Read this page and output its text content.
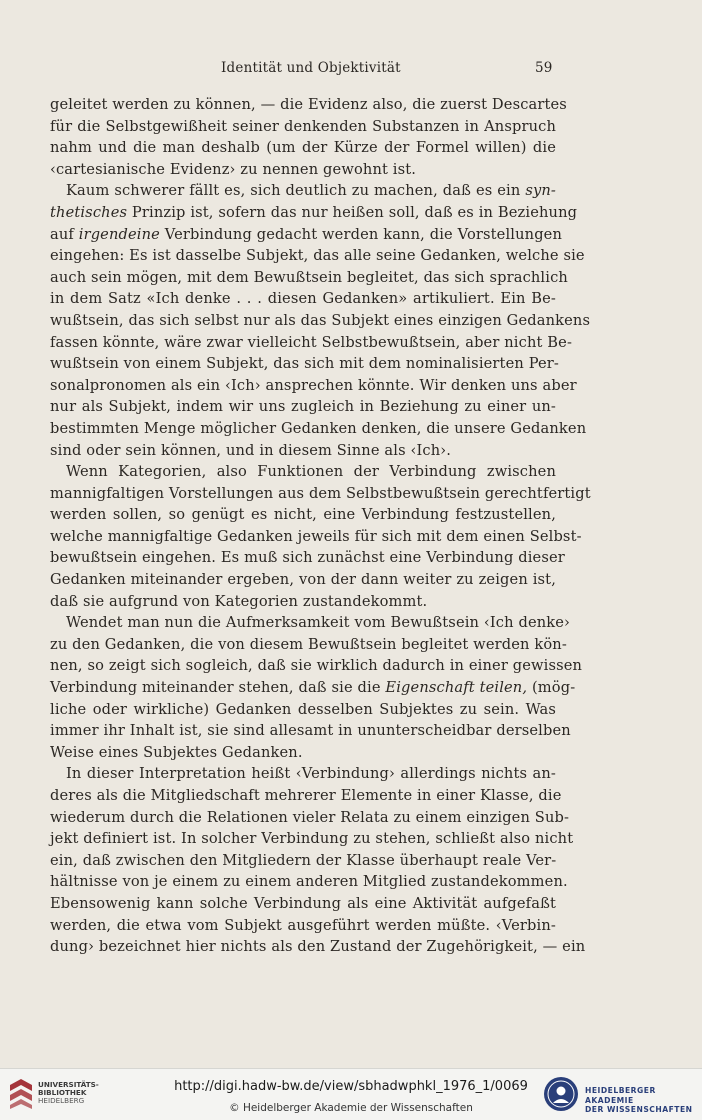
Identität und Objektivität	59
geleitet werden zu können, — die Evidenz also, die zuerst Descartes
für die Selbstgewißheit seiner denkenden Substanzen in Anspruch
nahm und die man deshalb (um der Kürze der Formel willen) die
‹cartesianische Evidenz› zu nennen gewohnt ist.
Kaum schwerer fällt es, sich deutlich zu machen, daß es ein syn-
thetisches Prinzip ist, sofern das nur heißen soll, daß es in Beziehung
auf irgendeine Verbindung gedacht werden kann, die Vorstellungen
eingehen: Es ist dasselbe Subjekt, das alle seine Gedanken, welche sie
auch sein mögen, mit dem Bewußtsein begleitet, das sich sprachlich
in dem Satz «Ich denke . . . diesen Gedanken» artikuliert. Ein Be-
wußtsein, das sich selbst nur als das Subjekt eines einzigen Gedankens
fassen könnte, wäre zwar vielleicht Selbstbewußtsein, aber nicht Be-
wußtsein von einem Subjekt, das sich mit dem nominalisierten Per-
sonalpronomen als ein ‹Ich› ansprechen könnte. Wir denken uns aber
nur als Subjekt, indem wir uns zugleich in Beziehung zu einer un-
bestimmten Menge möglicher Gedanken denken, die unsere Gedanken
sind oder sein können, und in diesem Sinne als ‹Ich›.
Wenn Kategorien, also Funktionen der Verbindung zwischen
mannigfaltigen Vorstellungen aus dem Selbstbewußtsein gerechtfertigt
werden sollen, so genügt es nicht, eine Verbindung festzustellen,
welche mannigfaltige Gedanken jeweils für sich mit dem einen Selbst-
bewußtsein eingehen. Es muß sich zunächst eine Verbindung dieser
Gedanken miteinander ergeben, von der dann weiter zu zeigen ist,
daß sie aufgrund von Kategorien zustandekommt.
Wendet man nun die Aufmerksamkeit vom Bewußtsein ‹Ich denke›
zu den Gedanken, die von diesem Bewußtsein begleitet werden kön-
nen, so zeigt sich sogleich, daß sie wirklich dadurch in einer gewissen
Verbindung miteinander stehen, daß sie die Eigenschaft teilen, (mög-
liche oder wirkliche) Gedanken desselben Subjektes zu sein. Was
immer ihr Inhalt ist, sie sind allesamt in ununterscheidbar derselben
Weise eines Subjektes Gedanken.
In dieser Interpretation heißt ‹Verbindung› allerdings nichts an-
deres als die Mitgliedschaft mehrerer Elemente in einer Klasse, die
wiederum durch die Relationen vieler Relata zu einem einzigen Sub-
jekt definiert ist. In solcher Verbindung zu stehen, schließt also nicht
ein, daß zwischen den Mitgliedern der Klasse überhaupt reale Ver-
hältnisse von je einem zu einem anderen Mitglied zustandekommen.
Ebensowenig kann solche Verbindung als eine Aktivität aufgefaßt
werden, die etwa vom Subjekt ausgeführt werden müßte. ‹Verbin-
dung› bezeichnet hier nichts als den Zustand der Zugehörigkeit, — ein
UNIVERSITÄTS-
BIBLIOTHEK
HEIDELBERG
http://digi.hadw-bw.de/view/sbhadwphkl_1976_1/0069
© Heidelberger Akademie der Wissenschaften
HEIDELBERGER AKADEMIE
DER WISSENSCHAFTEN
